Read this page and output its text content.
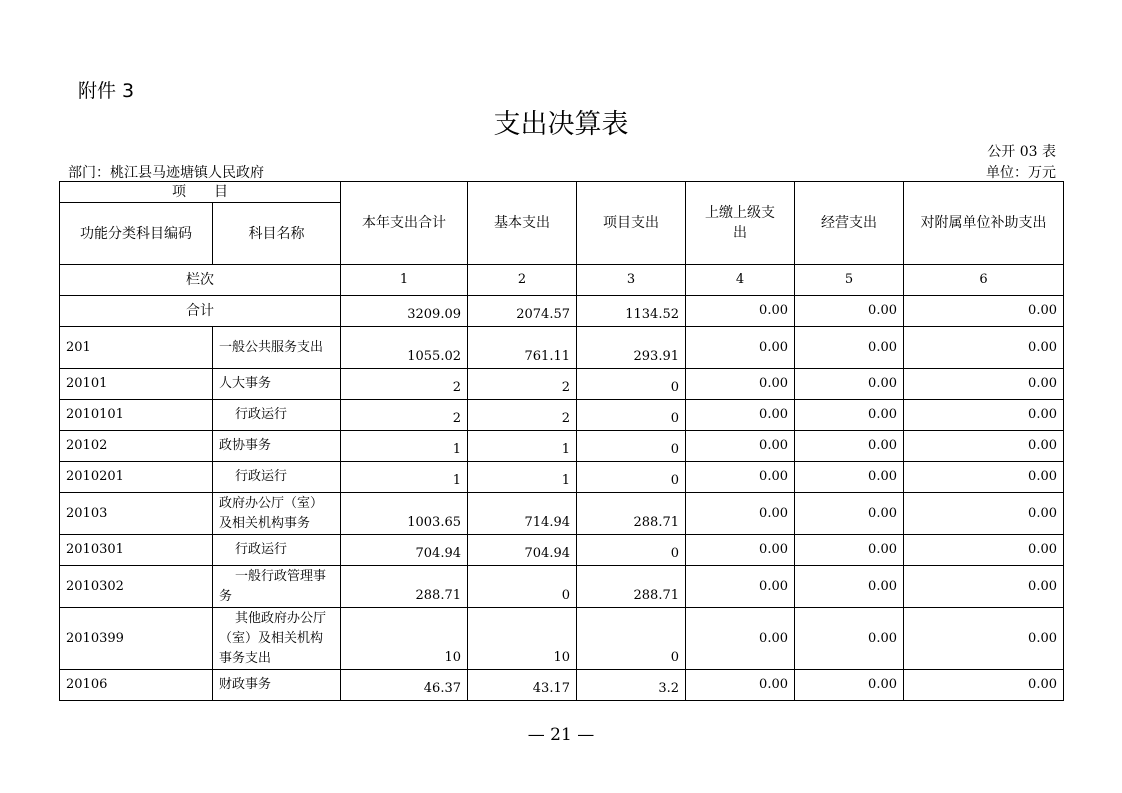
附件 3
支出决算表
公开 03 表
部门：桃江县马迹塘镇人民政府	单位：万元
项　　目		本年支出合计	基本支出	项目支出	上缴上级支出	经营支出	对附属单位补助支出
功能分类科目编码	科目名称						
栏次		1	2	3	4	5	6
合计		3209.09	2074.57	1134.52	0.00	0.00	0.00
201	一般公共服务支出	1055.02	761.11	293.91	0.00	0.00	0.00
20101	人大事务	2	2	0	0.00	0.00	0.00
2010101	行政运行	2	2	0	0.00	0.00	0.00
20102	政协事务	1	1	0	0.00	0.00	0.00
2010201	行政运行	1	1	0	0.00	0.00	0.00
20103	政府办公厅（室）及相关机构事务	1003.65	714.94	288.71	0.00	0.00	0.00
2010301	行政运行	704.94	704.94	0	0.00	0.00	0.00
2010302	一般行政管理事务	288.71	0	288.71	0.00	0.00	0.00
2010399	其他政府办公厅（室）及相关机构事务支出	10	10	0	0.00	0.00	0.00
20106	财政事务	46.37	43.17	3.2	0.00	0.00	0.00
— 21 —
